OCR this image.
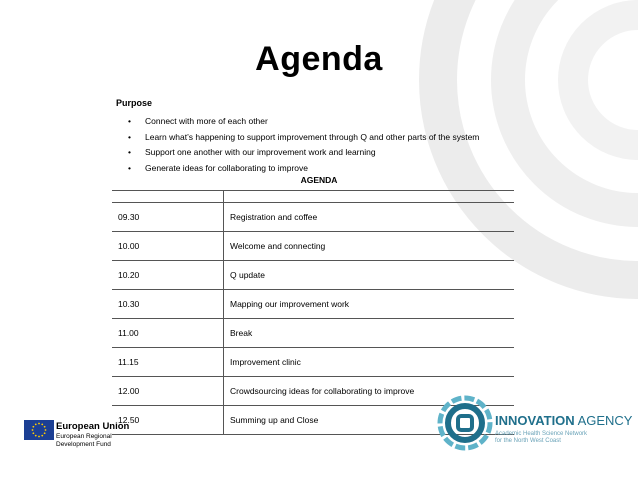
Agenda
Purpose
• Connect with more of each other
• Learn what’s happening to support improvement through Q and other parts of the system
• Support one another with our improvement work and learning
• Generate ideas for collaborating to improve
AGENDA

09.30	Registration and coffee
10.00	Welcome and connecting
10.20	Q update
10.30	Mapping our improvement work
11.00	Break
11.15	Improvement clinic
12.00	Crowdsourcing ideas for collaborating to improve
12.50	Summing up and Close
European Union
European Regional
Development Fund
INNOVATION AGENCY
Academic Health Science Network
for the North West Coast
